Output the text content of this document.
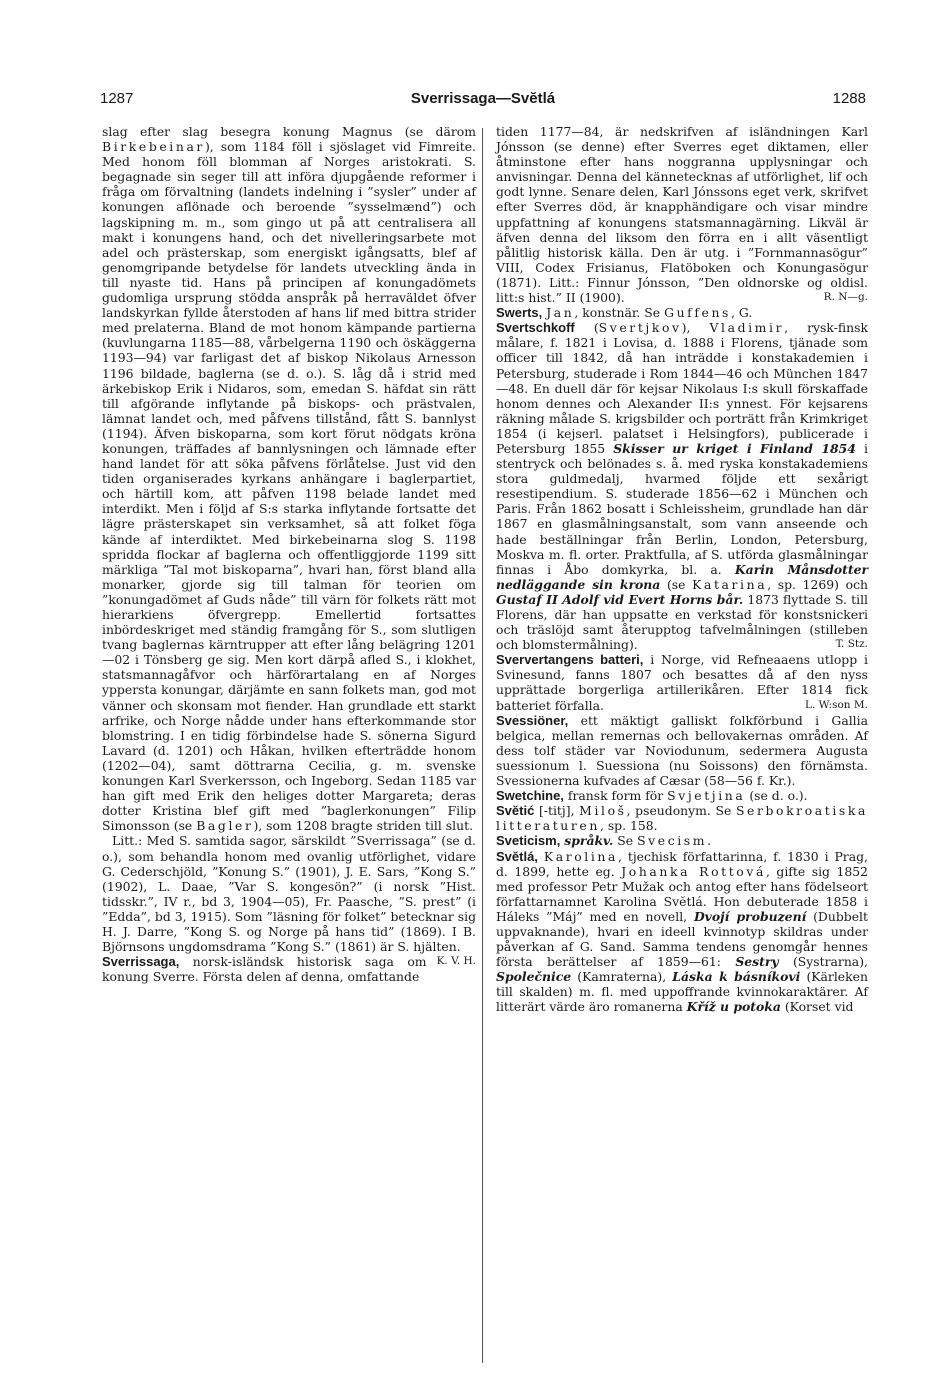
1287	Sverrissaga—Svĕtlá	1288

slag efter slag besegra konung Magnus (se därom Birkebeinar), som 1184 föll i sjöslaget vid Fimreite. Med honom föll blomman af Norges aristokrati. S. begagnade sin seger till att införa djupgående reformer i fråga om förvaltning (landets indelning i ”sysler” under af konungen aflönade och beroende ”sysselmænd”) och lagskipning m. m., som gingo ut på att centralisera all makt i konungens hand, och det nivelleringsarbete mot adel och prästerskap, som energiskt igångsatts, blef af genomgripande betydelse för landets utveckling ända in till nyaste tid. Hans på principen af konungadömets gudomliga ursprung stödda anspråk på herraväldet öfver landskyrkan fyllde återstoden af hans lif med bittra strider med prelaterna. Bland de mot honom kämpande partierna (kuvlungarna 1185—88, vårbelgerna 1190 och öskäggerna 1193—94) var farligast det af biskop Nikolaus Arnesson 1196 bildade, baglerna (se d. o.). S. låg då i strid med ärkebiskop Erik i Nidaros, som, emedan S. häfdat sin rätt till afgörande inflytande på biskops- och prästvalen, lämnat landet och, med påfvens tillstånd, fått S. bannlyst (1194). Äfven biskoparna, som kort förut nödgats kröna konungen, träffades af bannlysningen och lämnade efter hand landet för att söka påfvens förlåtelse. Just vid den tiden organiserades kyrkans anhängare i baglerpartiet, och härtill kom, att påfven 1198 belade landet med interdikt. Men i följd af S:s starka inflytande fortsatte det lägre prästerskapet sin verksamhet, så att folket föga kände af interdiktet. Med birkebeinarna slog S. 1198 spridda flockar af baglerna och offentliggjorde 1199 sitt märkliga ”Tal mot biskoparna”, hvari han, först bland alla monarker, gjorde sig till talman för teorien om ”konungadömet af Guds nåde” till värn för folkets rätt mot hierarkiens öfvergrepp. Emellertid fortsattes inbördeskriget med ständig framgång för S., som slutligen tvang baglernas kärntrupper att efter lång belägring 1201—02 i Tönsberg ge sig. Men kort därpå afled S., i klokhet, statsmannagåfvor och härförartalang en af Norges yppersta konungar, därjämte en sann folkets man, god mot vänner och skonsam mot fiender. Han grundlade ett starkt arfrike, och Norge nådde under hans efterkommande stor blomstring. I en tidig förbindelse hade S. sönerna Sigurd Lavard (d. 1201) och Håkan, hvilken efterträdde honom (1202—04), samt döttrarna Cecilia, g. m. svenske konungen Karl Sverkersson, och Ingeborg. Sedan 1185 var han gift med Erik den heliges dotter Margareta; deras dotter Kristina blef gift med ”baglerkonungen” Filip Simonsson (se Bagler), som 1208 bragte striden till slut.

Litt.: Med S. samtida sagor, särskildt ”Sverrissaga” (se d. o.), som behandla honom med ovanlig utförlighet, vidare G. Cederschjöld, ”Konung S.” (1901), J. E. Sars, ”Kong S.” (1902), L. Daae, ”Var S. kongesön?” (i norsk ”Hist. tidsskr.”, IV r., bd 3, 1904—05), Fr. Paasche, ”S. prest” (i ”Edda”, bd 3, 1915). Som ”läsning för folket” betecknar sig H. J. Darre, ”Kong S. og Norge på hans tid” (1869). I B. Björnsons ungdomsdrama ”Kong S.” (1861) är S. hjälten.
K. V. H.

Sverrissaga, norsk-isländsk historisk saga om konung Sverre. Första delen af denna, omfattande

tiden 1177—84, är nedskrifven af isländningen Karl Jónsson (se denne) efter Sverres eget diktamen, eller åtminstone efter hans noggranna upplysningar och anvisningar. Denna del kännetecknas af utförlighet, lif och godt lynne. Senare delen, Karl Jónssons eget verk, skrifvet efter Sverres död, är knapphändigare och visar mindre uppfattning af konungens statsmannagärning. Likväl är äfven denna del liksom den förra en i allt väsentligt pålitlig historisk källa. Den är utg. i ”Fornmannasögur” VIII, Codex Frisianus, Flatöboken och Konungasögur (1871). Litt.: Finnur Jónsson, ”Den oldnorske og oldisl. litt:s hist.” II (1900).	R. N—g.

Swerts, Jan, konstnär. Se Guffens, G.

Svertschkoff (Svertjkov), Vladimir, rysk-finsk målare, f. 1821 i Lovisa, d. 1888 i Florens, tjänade som officer till 1842, då han inträdde i konstakademien i Petersburg, studerade i Rom 1844—46 och München 1847—48. En duell där för kejsar Nikolaus I:s skull förskaffade honom dennes och Alexander II:s ynnest. För kejsarens räkning målade S. krigsbilder och porträtt från Krimkriget 1854 (i kejserl. palatset i Helsingfors), publicerade i Petersburg 1855 Skisser ur kriget i Finland 1854 i stentryck och belönades s. å. med ryska konstakademiens stora guldmedalj, hvarmed följde ett sexårigt resestipendium. S. studerade 1856—62 i München och Paris. Från 1862 bosatt i Schleissheim, grundlade han där 1867 en glasmålningsanstalt, som vann anseende och hade beställningar från Berlin, London, Petersburg, Moskva m. fl. orter. Praktfulla, af S. utförda glasmålningar finnas i Åbo domkyrka, bl. a. Karin Månsdotter nedläggande sin krona (se Katarina, sp. 1269) och Gustaf II Adolf vid Evert Horns bår. 1873 flyttade S. till Florens, där han uppsatte en verkstad för konstsnickeri och träslöjd samt återupptog tafvelmålningen (stilleben och blomstermålning).	T. Stz.

Sververtangens batteri, i Norge, vid Refneaaens utlopp i Svinesund, fanns 1807 och besattes då af den nyss upprättade borgerliga artillerikåren. Efter 1814 fick batteriet förfalla.	L. W:son M.

Svessiöner, ett mäktigt galliskt folkförbund i Gallia belgica, mellan remernas och bellovakernas områden. Af dess tolf städer var Noviodunum, sedermera Augusta suessionum l. Suessiona (nu Soissons) den förnämsta. Svessionerna kufvades af Cæsar (58—56 f. Kr.).

Swetchine, fransk form för Svjetjina (se d. o.).

Svĕtić [-titj], Miloš, pseudonym. Se Serbokroatiska litteraturen, sp. 158.

Sveticism, språkv. Se Svecism.

Svĕtlá, Karolina, tjechisk författarinna, f. 1830 i Prag, d. 1899, hette eg. Johanka Rottová, gifte sig 1852 med professor Petr Mužak och antog efter hans födelseort författarnamnet Karolina Svĕtlá. Hon debuterade 1858 i Háleks ”Máj” med en novell, Dvojí probuzení (Dubbelt uppvaknande), hvari en ideell kvinnotyp skildras under påverkan af G. Sand. Samma tendens genomgår hennes första berättelser af 1859—61: Sestry (Systrarna), Společnice (Kamraterna), Láska k básníkovi (Kärleken till skalden) m. fl. med uppoffrande kvinnokaraktärer. Af litterärt värde äro romanerna Kříž u potoka (Korset vid
